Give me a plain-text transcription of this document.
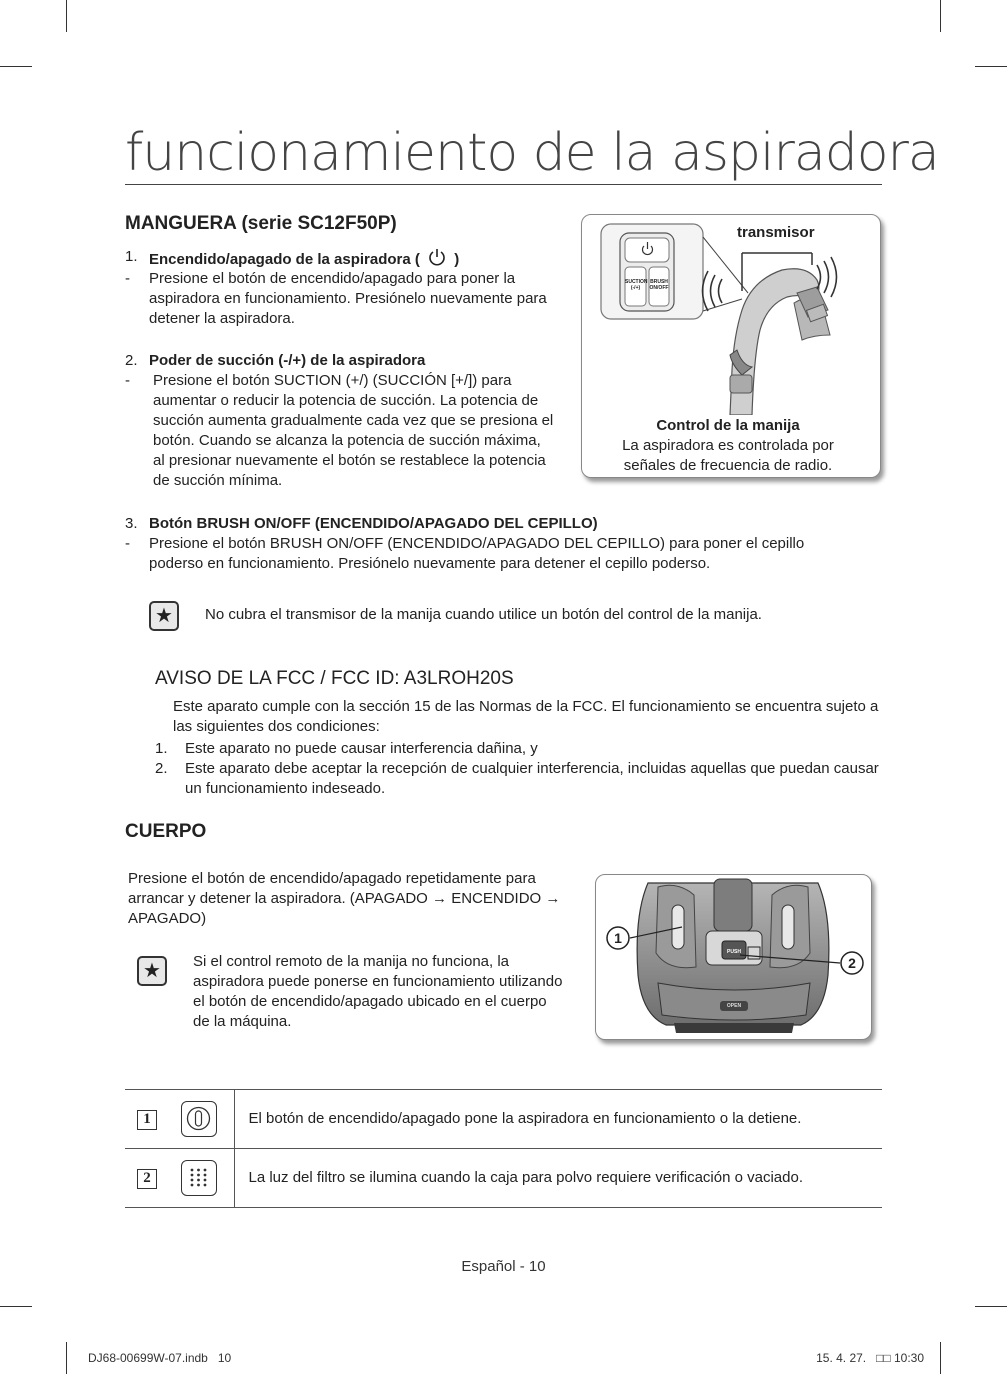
funcionamiento de la aspiradora
MANGUERA (serie SC12F50P)
1. Encendido/apagado de la aspiradora ( )
- Presione el botón de encendido/apagado para poner la aspiradora en funcionamiento. Presiónelo nuevamente para detener la aspiradora.
2. Poder de succión (-/+) de la aspiradora
- Presione el botón SUCTION (+/) (SUCCIÓN [+/]) para aumentar o reducir la potencia de succión. La potencia de succión aumenta gradualmente cada vez que se presiona el botón. Cuando se alcanza la potencia de succión máxima, al presionar nuevamente el botón se restablece la potencia de succión mínima.
transmisor
SUCTION
(-/+)
BRUSH
ON/OFF
Control de la manija
La aspiradora es controlada por señales de frecuencia de radio.
3. Botón BRUSH ON/OFF (ENCENDIDO/APAGADO DEL CEPILLO)
- Presione el botón BRUSH ON/OFF (ENCENDIDO/APAGADO DEL CEPILLO) para poner el cepillo poderso en funcionamiento. Presiónelo nuevamente para detener el cepillo poderso.
★	No cubra el transmisor de la manija cuando utilice un botón del control de la manija.
AVISO DE LA FCC / FCC ID: A3LROH20S
Este aparato cumple con la sección 15 de las Normas de la FCC. El funcionamiento se encuentra sujeto a las siguientes dos condiciones:
1. Este aparato no puede causar interferencia dañina, y
2. Este aparato debe aceptar la recepción de cualquier interferencia, incluidas aquellas que puedan causar un funcionamiento indeseado.
CUERPO
Presione el botón de encendido/apagado repetidamente para arrancar y detener la aspiradora. (APAGADO → ENCENDIDO → APAGADO)
★	Si el control remoto de la manija no funciona, la aspiradora puede ponerse en funcionamiento utilizando el botón de encendido/apagado ubicado en el cuerpo de la máquina.
1
2
PUSH
OPEN
1	El botón de encendido/apagado pone la aspiradora en funcionamiento o la detiene.
2	La luz del filtro se ilumina cuando la caja para polvo requiere verificación o vaciado.
Español - 10
DJ68-00699W-07.indb   10	15. 4. 27.   □□ 10:30
